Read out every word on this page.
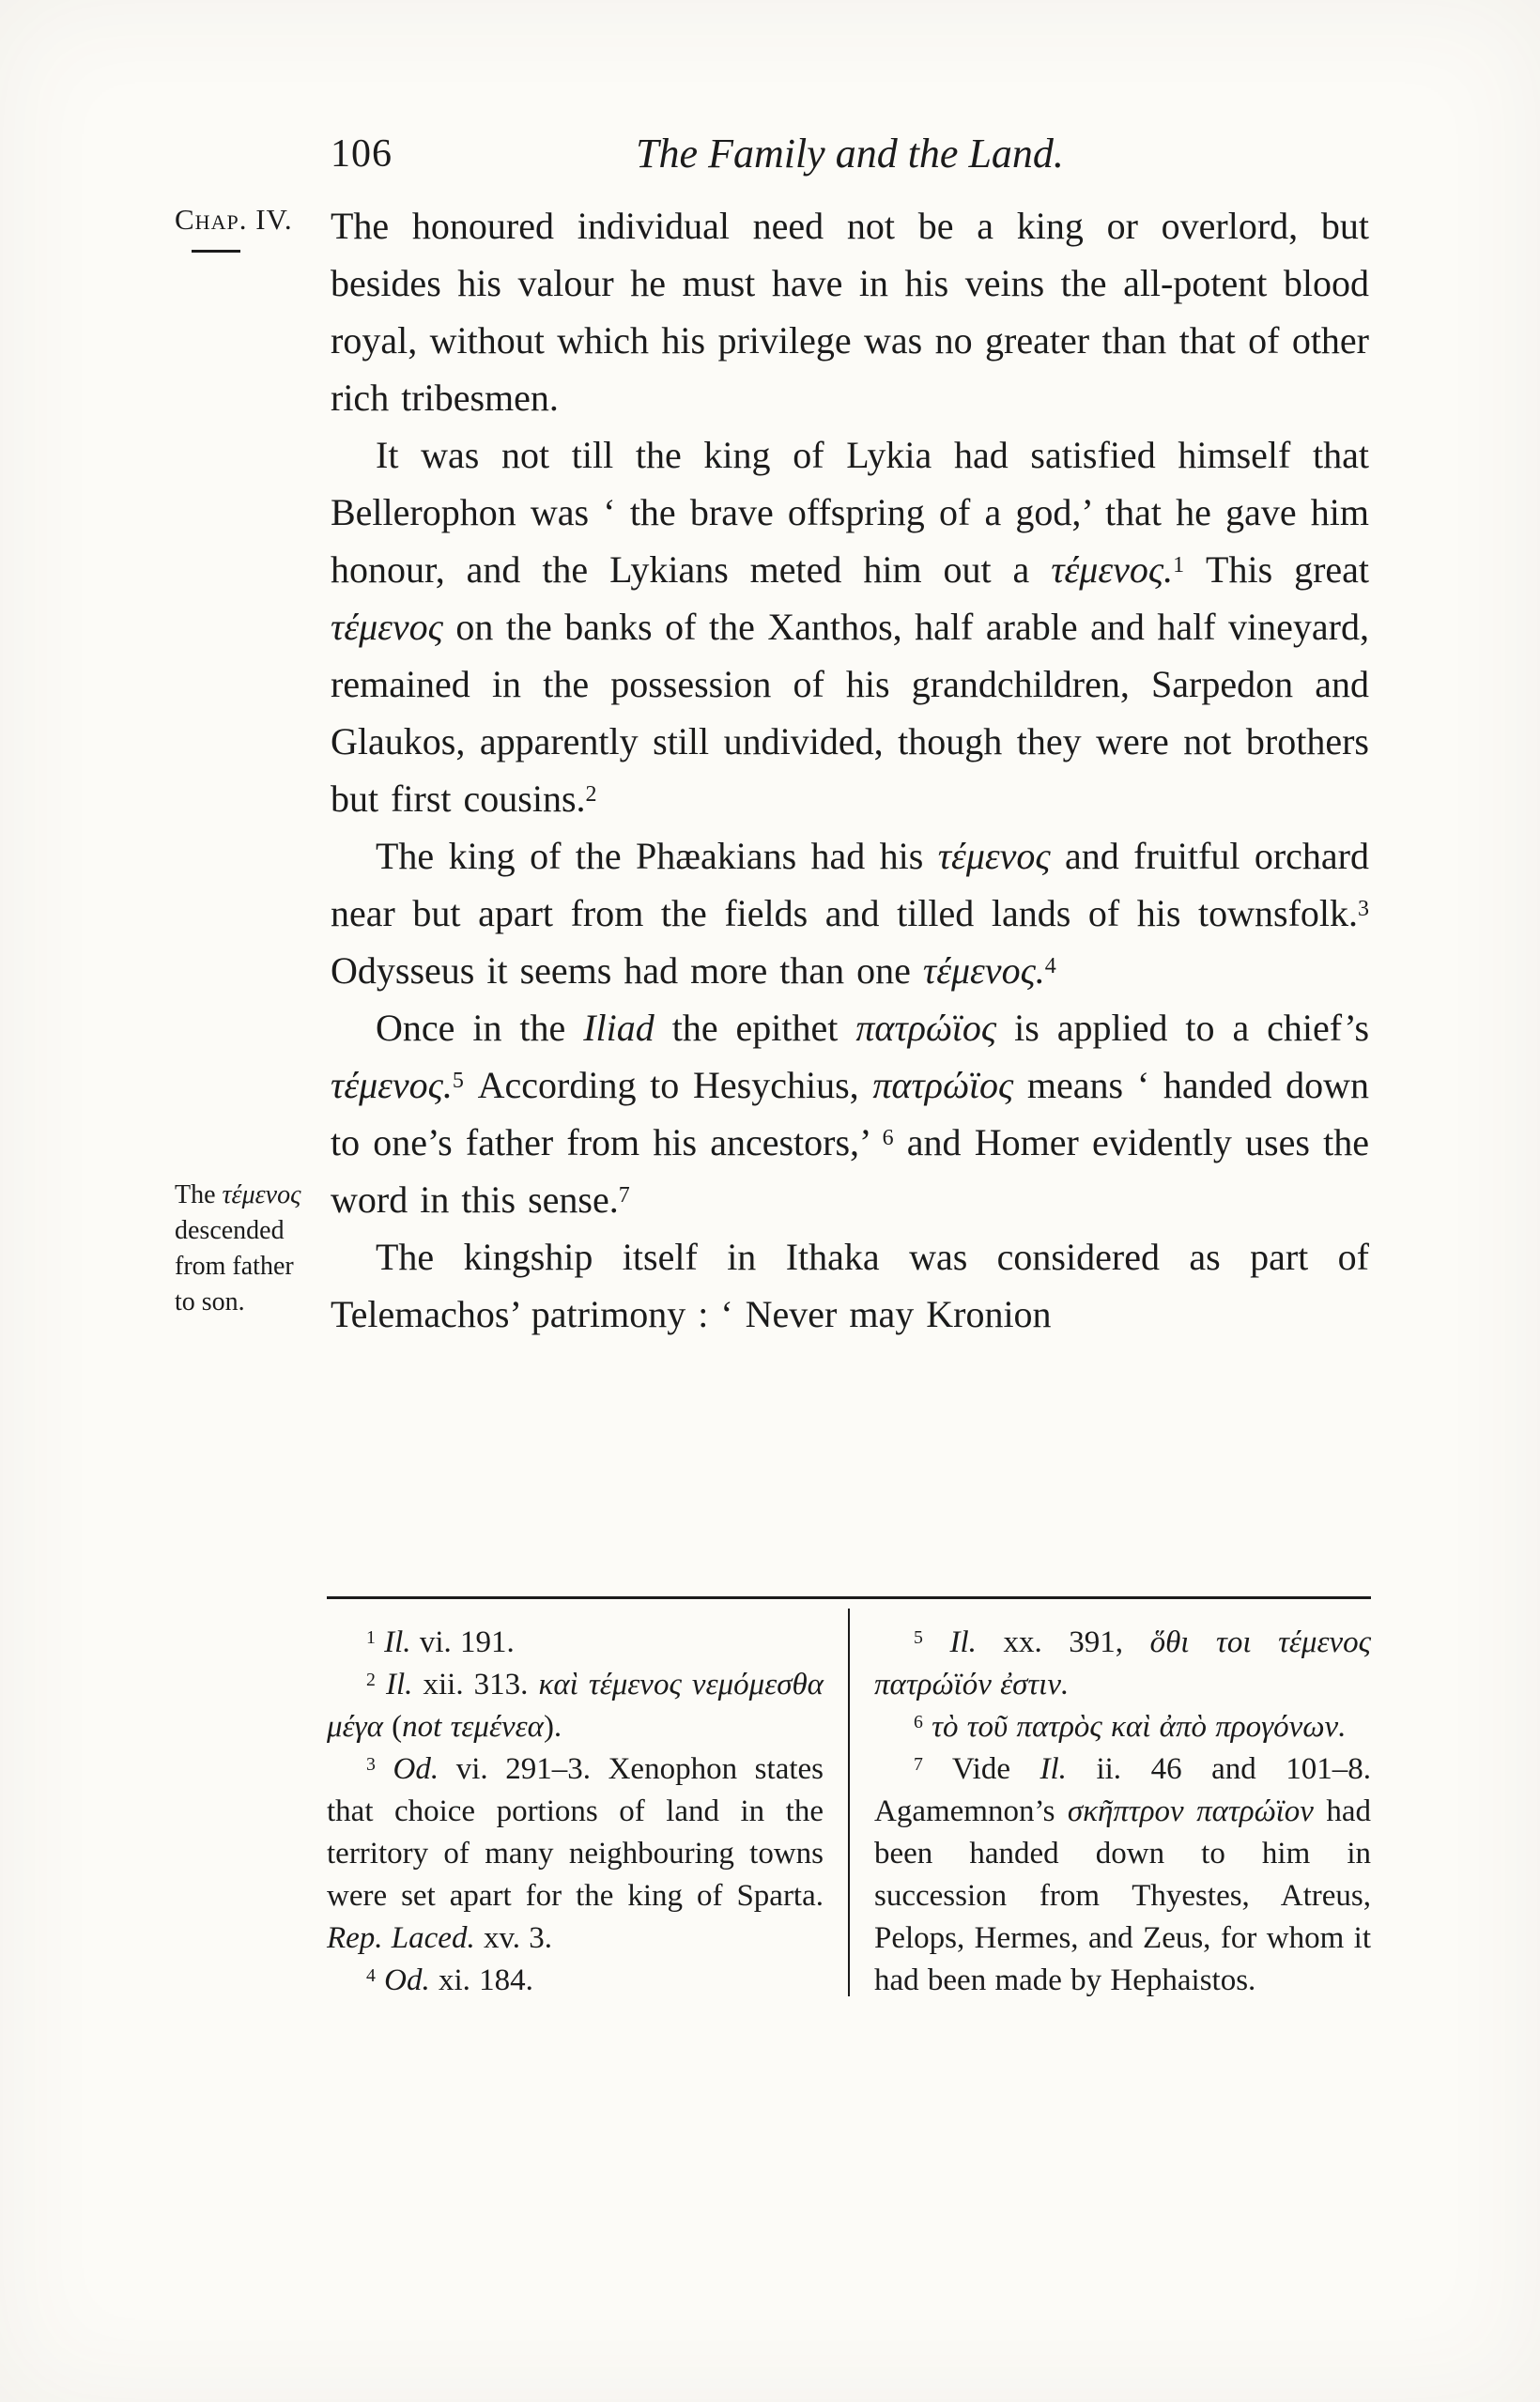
106	The Family and the Land.
Chap. IV.
The τέμενος descended from father to son.

The honoured individual need not be a king or overlord, but besides his valour he must have in his veins the all-potent blood royal, without which his privilege was no greater than that of other rich tribesmen.

It was not till the king of Lykia had satisfied himself that Bellerophon was ‘ the brave offspring of a god,’ that he gave him honour, and the Lykians meted him out a τέμενος.$^1$ This great τέμενος on the banks of the Xanthos, half arable and half vineyard, remained in the possession of his grandchildren, Sarpedon and Glaukos, apparently still undivided, though they were not brothers but first cousins.$^2$

The king of the Phæakians had his τέμενος and fruitful orchard near but apart from the fields and tilled lands of his townsfolk.$^3$ Odysseus it seems had more than one τέμενος.$^4$

Once in the Iliad the epithet πατρώϊος is applied to a chief’s τέμενος.$^5$ According to Hesychius, πατρώϊος means ‘ handed down to one’s father from his ancestors,’ $^6$ and Homer evidently uses the word in this sense.$^7$

The kingship itself in Ithaka was considered as part of Telemachos’ patrimony : ‘ Never may Kronion

$^1$ Il. vi. 191.

$^2$ Il. xii. 313. καὶ τέμενος νεμόμεσθα μέγα (not τεμένεα).

$^3$ Od. vi. 291–3. Xenophon states that choice portions of land in the territory of many neighbouring towns were set apart for the king of Sparta. Rep. Laced. xv. 3.

$^4$ Od. xi. 184.

$^5$ Il. xx. 391, ὅθι τοι τέμενος πατρώϊόν ἐστιν.

$^6$ τὸ τοῦ πατρὸς καὶ ἀπὸ προγόνων.

$^7$ Vide Il. ii. 46 and 101–8. Agamemnon’s σκῆπτρον πατρώϊον had been handed down to him in succession from Thyestes, Atreus, Pelops, Hermes, and Zeus, for whom it had been made by Hephaistos.
